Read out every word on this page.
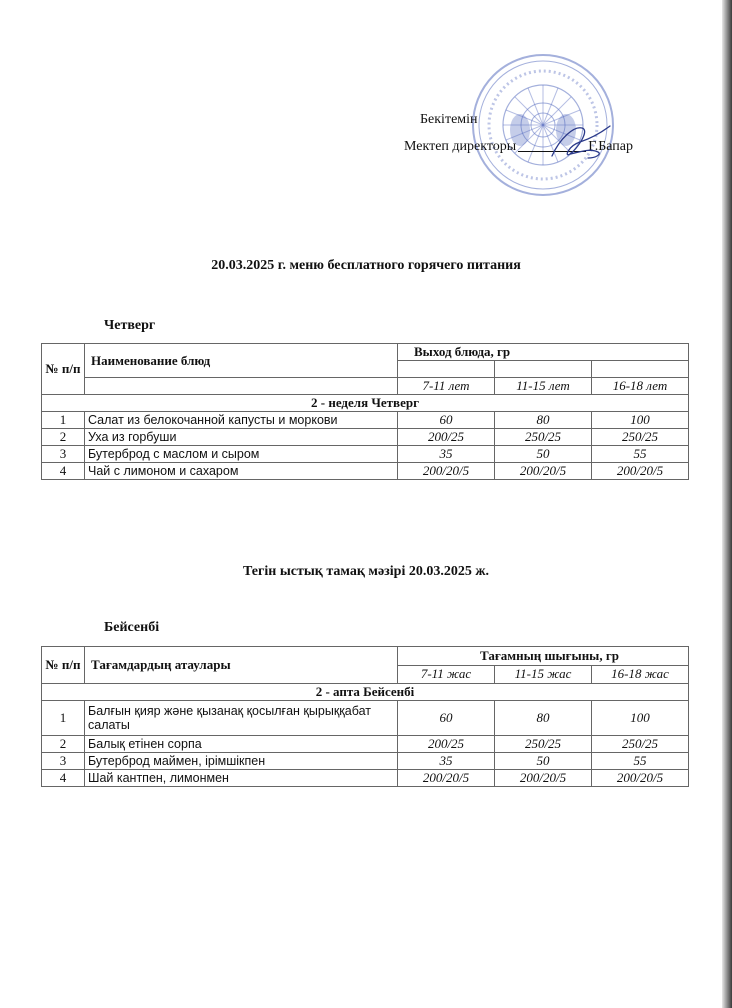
Бекітемін
Мектеп директоры	Г.Бапар
20.03.2025 г. меню бесплатного горячего питания
Четверг
№ п/п	Наименование блюд	Выход блюда, гр		

		7-11 лет	11-15 лет	16-18 лет
2 - неделя Четверг				
1	Салат из белокочанной капусты и моркови	60	80	100
2	Уха из горбуши	200/25	250/25	250/25
3	Бутерброд с маслом и сыром	35	50	55
4	Чай с лимоном и сахаром	200/20/5	200/20/5	200/20/5
Тегін ыстық тамақ мәзірі 20.03.2025 ж.
Бейсенбі
№ п/п	Тағамдардың атаулары	Тағамның шығыны, гр		
		7-11 жас	11-15 жас	16-18 жас
2 - апта Бейсенбі				
1	Балғын қияр және қызанақ қосылған қырыққабат салаты	60	80	100
2	Балық етінен сорпа	200/25	250/25	250/25
3	Бутерброд маймен, ірімшікпен	35	50	55
4	Шай кантпен, лимонмен	200/20/5	200/20/5	200/20/5
